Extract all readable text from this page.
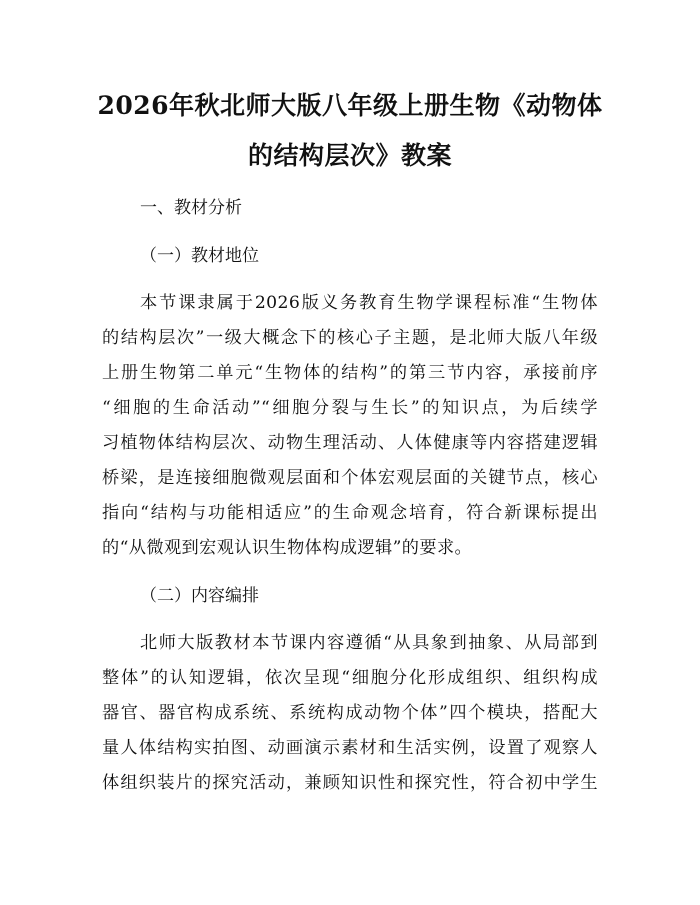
2026年秋北师大版八年级上册生物《动物体
的结构层次》教案
一、教材分析
（一）教材地位
本节课隶属于2026版义务教育生物学课程标准“生物体
的结构层次”一级大概念下的核心子主题，是北师大版八年级
上册生物第二单元“生物体的结构”的第三节内容，承接前序
“细胞的生命活动”“细胞分裂与生长”的知识点，为后续学
习植物体结构层次、动物生理活动、人体健康等内容搭建逻辑
桥梁，是连接细胞微观层面和个体宏观层面的关键节点，核心
指向“结构与功能相适应”的生命观念培育，符合新课标提出
的“从微观到宏观认识生物体构成逻辑”的要求。
（二）内容编排
北师大版教材本节课内容遵循“从具象到抽象、从局部到
整体”的认知逻辑，依次呈现“细胞分化形成组织、组织构成
器官、器官构成系统、系统构成动物个体”四个模块，搭配大
量人体结构实拍图、动画演示素材和生活实例，设置了观察人
体组织装片的探究活动，兼顾知识性和探究性，符合初中学生
